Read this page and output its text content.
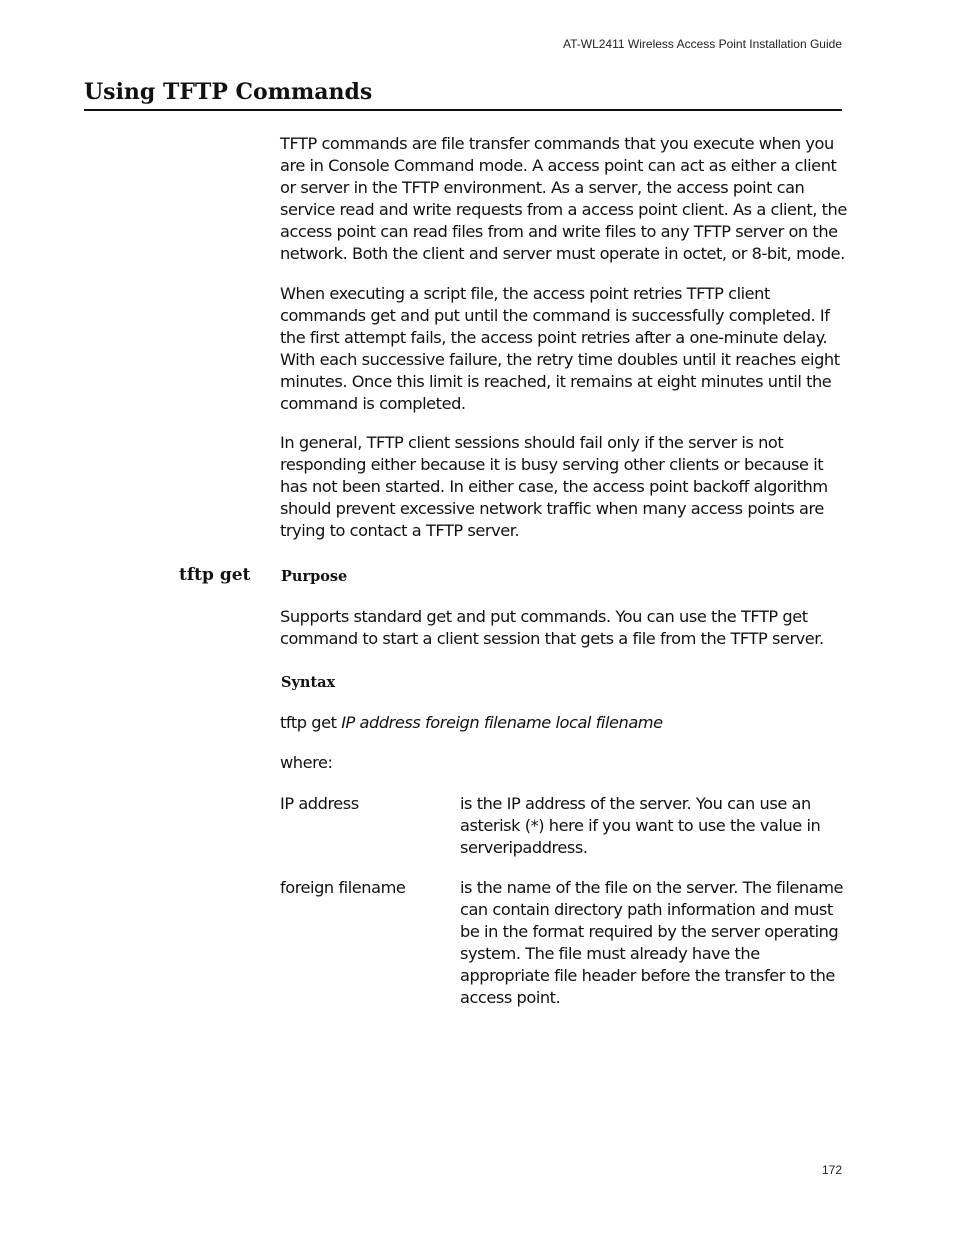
AT-WL2411 Wireless Access Point Installation Guide
Using TFTP Commands

TFTP commands are file transfer commands that you execute when you
are in Console Command mode. A access point can act as either a client
or server in the TFTP environment. As a server, the access point can
service read and write requests from a access point client. As a client, the
access point can read files from and write files to any TFTP server on the
network. Both the client and server must operate in octet, or 8-bit, mode.

When executing a script file, the access point retries TFTP client
commands get and put until the command is successfully completed. If
the first attempt fails, the access point retries after a one-minute delay.
With each successive failure, the retry time doubles until it reaches eight
minutes. Once this limit is reached, it remains at eight minutes until the
command is completed.

In general, TFTP client sessions should fail only if the server is not
responding either because it is busy serving other clients or because it
has not been started. In either case, the access point backoff algorithm
should prevent excessive network traffic when many access points are
trying to contact a TFTP server.

tftp get Purpose

Supports standard get and put commands. You can use the TFTP get
command to start a client session that gets a file from the TFTP server.

Syntax

tftp get IP address foreign filename local filename

where:

IP address	is the IP address of the server. You can use an
asterisk (*) here if you want to use the value in
serveripaddress.
foreign filename	is the name of the file on the server. The filename
can contain directory path information and must
be in the format required by the server operating
system. The file must already have the
appropriate file header before the transfer to the
access point.
172
